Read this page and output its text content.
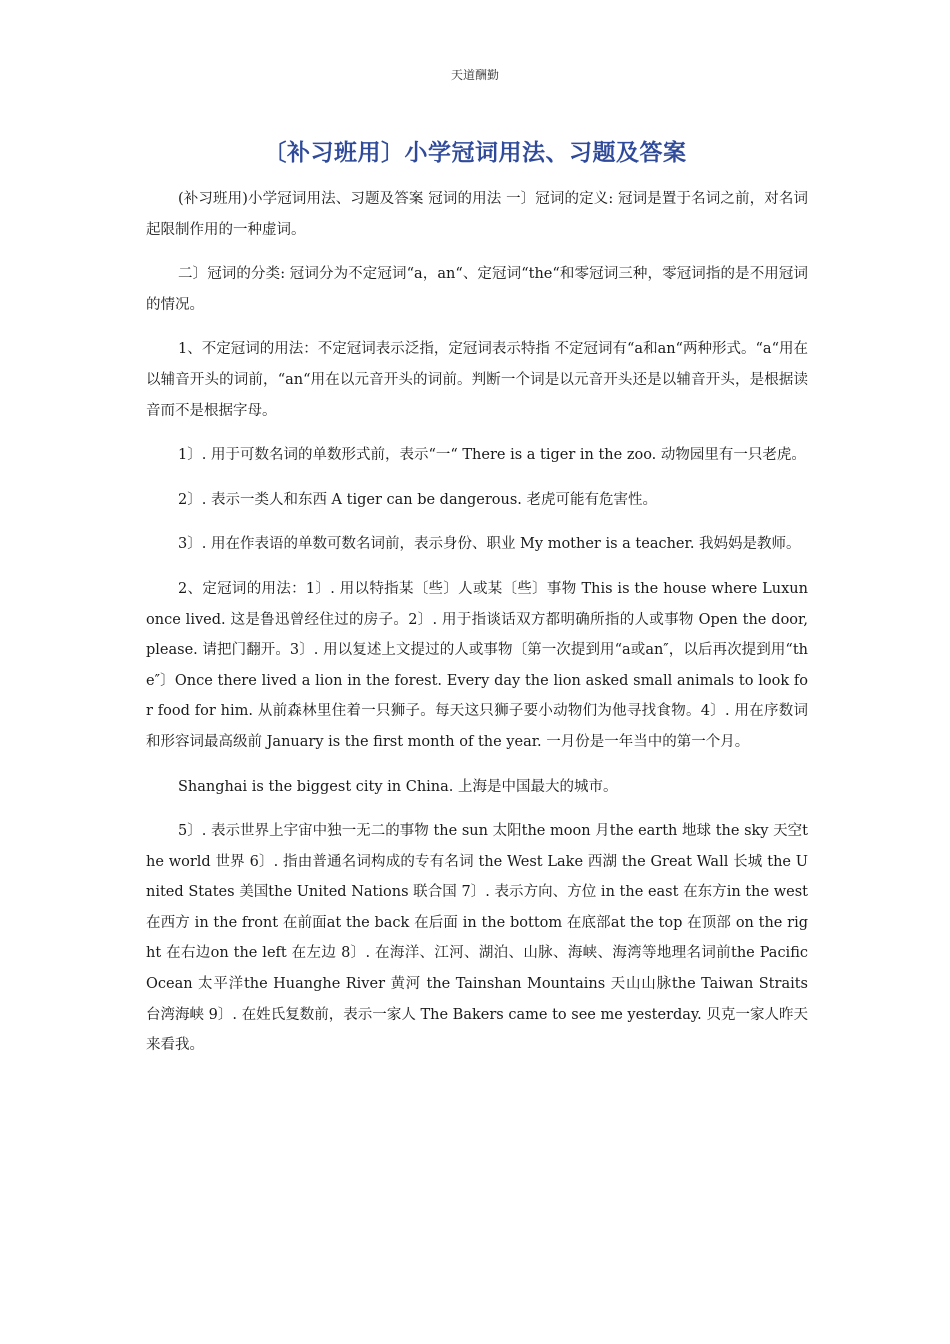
天道酬勤
〔补习班用〕小学冠词用法、习题及答案

(补习班用)小学冠词用法、习题及答案 冠词的用法 一〕冠词的定义: 冠词是置于名词之前，对名词起限制作用的一种虚词。

二〕冠词的分类: 冠词分为不定冠词“a，an“、定冠词“the“和零冠词三种，零冠词指的是不用冠词的情况。

1、不定冠词的用法：不定冠词表示泛指，定冠词表示特指 不定冠词有“a和an“两种形式。“a“用在以辅音开头的词前，“an“用在以元音开头的词前。判断一个词是以元音开头还是以辅音开头，是根据读音而不是根据字母。

1〕. 用于可数名词的单数形式前，表示“一“ There is a tiger in the zoo. 动物园里有一只老虎。

2〕. 表示一类人和东西 A tiger can be dangerous. 老虎可能有危害性。

3〕. 用在作表语的单数可数名词前，表示身份、职业 My mother is a teacher. 我妈妈是教师。

2、定冠词的用法：1〕. 用以特指某〔些〕人或某〔些〕事物 This is the house where Luxun once lived. 这是鲁迅曾经住过的房子。2〕. 用于指谈话双方都明确所指的人或事物 Open the door, please. 请把门翻开。3〕. 用以复述上文提过的人或事物〔第一次提到用“a或an″，以后再次提到用“the″〕Once there lived a lion in the forest. Every day the lion asked small animals to look for food for him. 从前森林里住着一只狮子。每天这只狮子要小动物们为他寻找食物。4〕. 用在序数词和形容词最高级前 January is the first month of the year. 一月份是一年当中的第一个月。

Shanghai is the biggest city in China. 上海是中国最大的城市。

5〕. 表示世界上宇宙中独一无二的事物 the sun 太阳the moon 月the earth 地球 the sky 天空the world 世界 6〕. 指由普通名词构成的专有名词 the West Lake 西湖 the Great Wall 长城 the United States 美国the United Nations 联合国 7〕. 表示方向、方位 in the east 在东方in the west 在西方 in the front 在前面at the back 在后面 in the bottom 在底部at the top 在顶部 on the right 在右边on the left 在左边 8〕. 在海洋、江河、湖泊、山脉、海峡、海湾等地理名词前the Pacific Ocean 太平洋the Huanghe River 黄河 the Tainshan Mountains 天山山脉the Taiwan Straits 台湾海峡 9〕. 在姓氏复数前，表示一家人 The Bakers came to see me yesterday. 贝克一家人昨天来看我。
